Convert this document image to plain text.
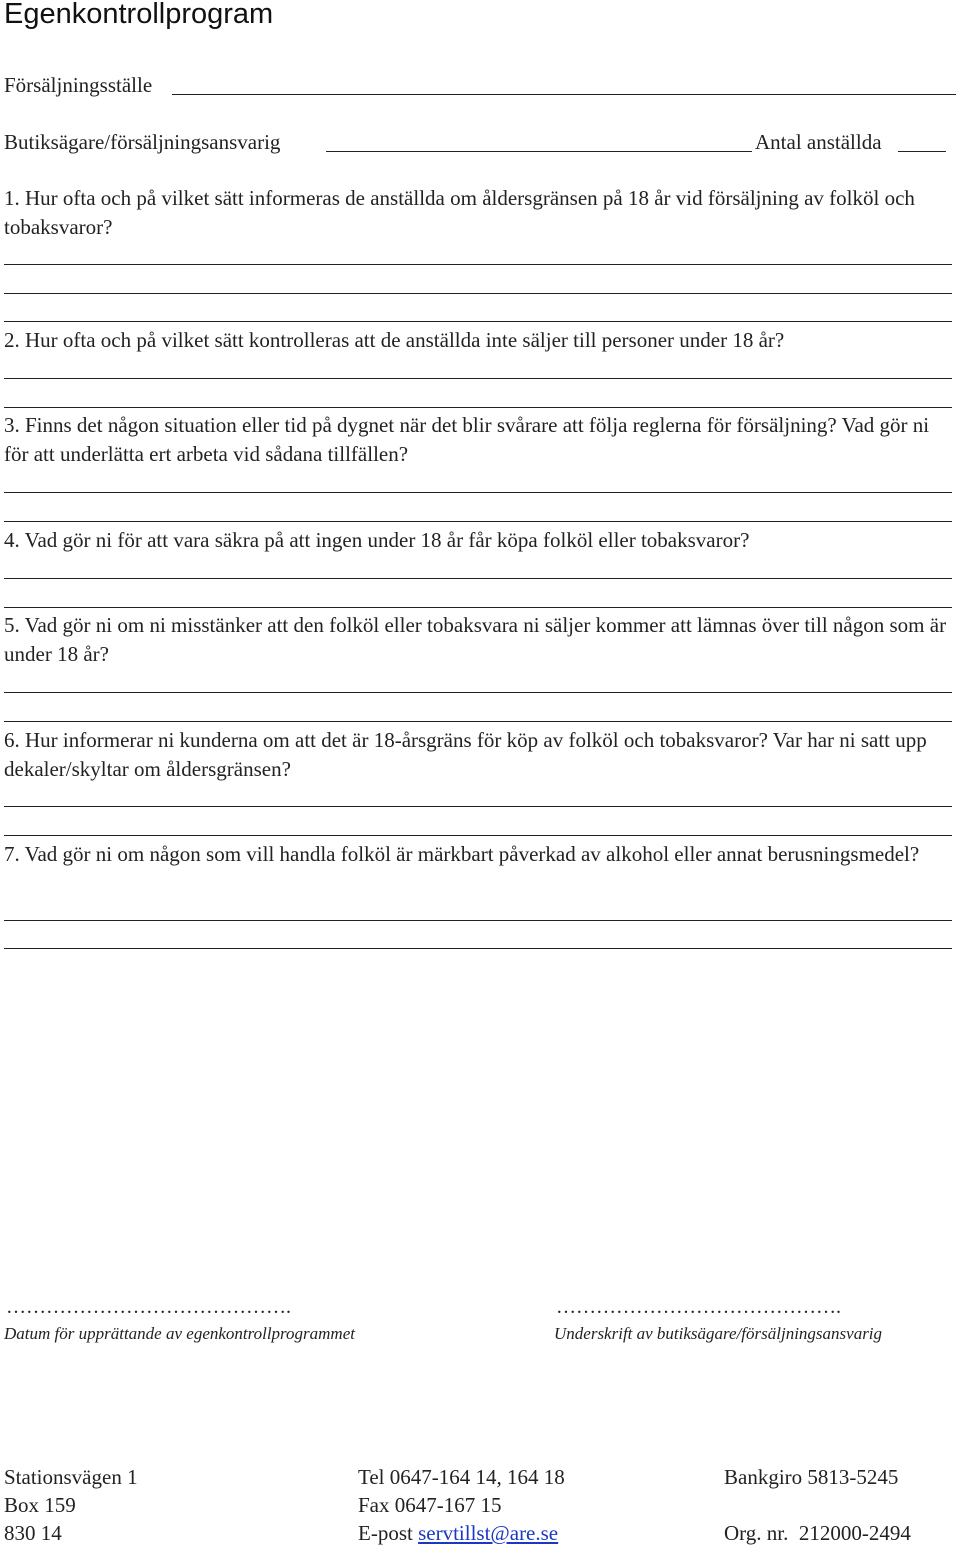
Egenkontrollprogram
Försäljningsställe
Butiksägare/försäljningsansvarig	Antal anställda
1. Hur ofta och på vilket sätt informeras de anställda om åldersgränsen på 18 år vid försäljning av folköl och tobaksvaror?
2. Hur ofta och på vilket sätt kontrolleras att de anställda inte säljer till personer under 18 år?
3. Finns det någon situation eller tid på dygnet när det blir svårare att följa reglerna för försäljning? Vad gör ni för att underlätta ert arbeta vid sådana tillfällen?
4. Vad gör ni för att vara säkra på att ingen under 18 år får köpa folköl eller tobaksvaror?
5. Vad gör ni om ni misstänker att den folköl eller tobaksvara ni säljer kommer att lämnas över till någon som är under 18 år?
6. Hur informerar ni kunderna om att det är 18-årsgräns för köp av folköl och tobaksvaror? Var har ni satt upp dekaler/skyltar om åldersgränsen?
7. Vad gör ni om någon som vill handla folköl är märkbart påverkad av alkohol eller annat berusningsmedel?
…………………………………….
Datum för upprättande av egenkontrollprogrammet
…………………………………….
Underskrift av butiksägare/försäljningsansvarig
Stationsvägen 1
Box 159
830 14
Tel 0647-164 14, 164 18
Fax 0647-167 15
E-post servtillst@are.se
Bankgiro 5813-5245
Org. nr.  212000-2494
